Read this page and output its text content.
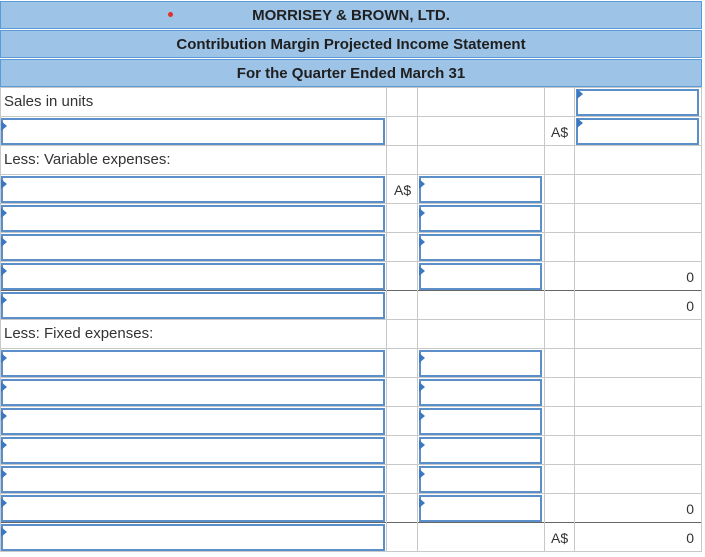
MORRISEY & BROWN, LTD.
Contribution Margin Projected Income Statement
For the Quarter Ended March 31
Sales in units
A$
Less: Variable expenses:
A$
0
0
Less: Fixed expenses:
0
A$	0
